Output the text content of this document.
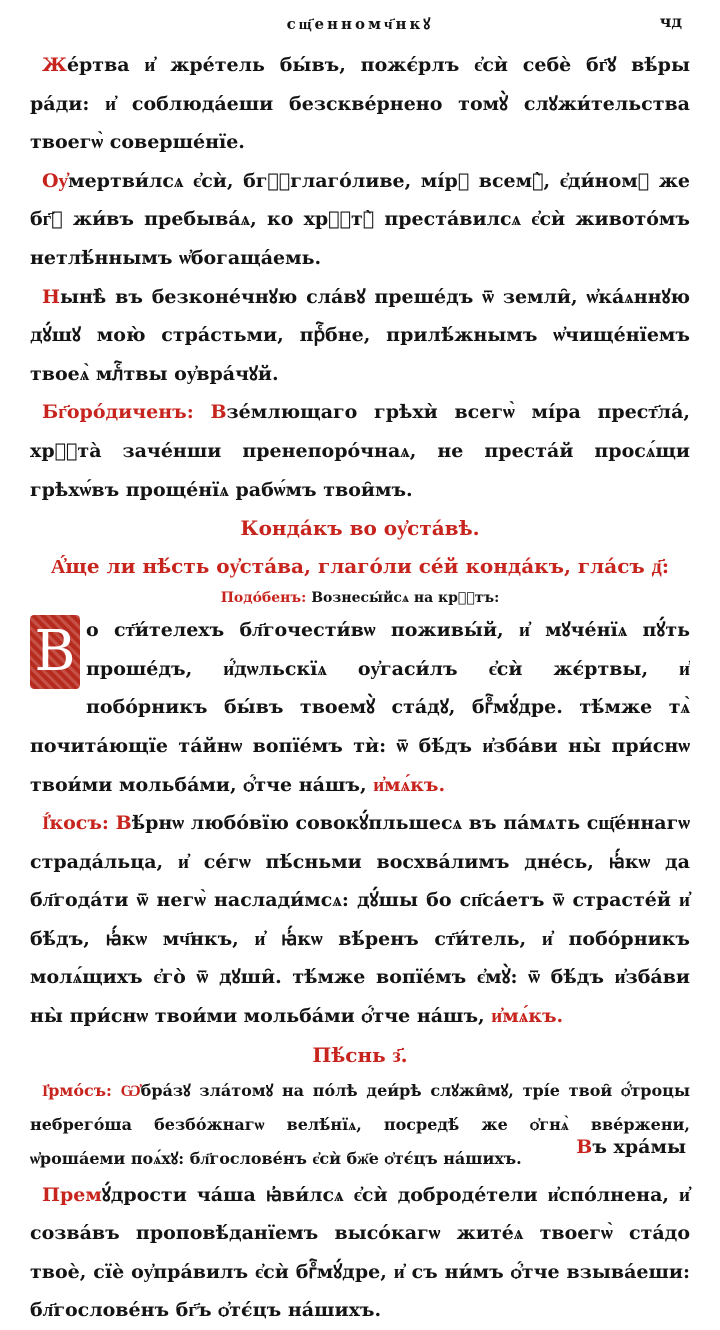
сщ҃енномч҃нкꙋ	чд

Же́ртва и҆ жре́тель бы́въ, пожє́рлъ є҆сѝ себѐ бг҃ꙋ вѣ́ры ра́ди: и҆ соблюда́еши безскве́рнено томꙋ̀ слꙋжи́тельства твоегѡ̀ соверше́нїе.

Оу҆мертви́лсѧ є҆сѝ, бгⷪ҇глаго́ливе, мі́рꙋ всемꙋ̀, є҆ди́номꙋ же бг҃ꙋ жи́въ пребыва́ѧ, ко хрⷭ҇тꙋ̀ преста́вилсѧ є҆сѝ живото́мъ нетлѣ́ннымъ ѡ҆богаща́емь.

Нынѣ̀ въ безконе́чнꙋю сла́вꙋ преше́дъ ѿ земли̑, ѡ҆ка́ѧннꙋю дꙋ́шꙋ мою̀ стра́стьми, прⷭ҇бне, прилѣ́жнымъ ѡ҆чище́нїемъ твоеѧ̀ млⷭ҇твы оу҆вра́чꙋй.

Бг҃оро́диченъ: Взе́млющаго грѣхѝ всегѡ̀ мі́ра прест҃ла́, хрⷭ҇та̀ заче́нши пренепоро́чнаѧ, не преста́й просѧ́щи грѣхѡ́въ проще́нїѧ рабѡ́мъ твои̑мъ.

Конда́къ во оу҆ста́вѣ.

А҆́ще ли нѣ́сть оу҆ста́ва, глаго́ли се́й конда́къ, гла́съ д҃:

Подо́бенъ: Вознесы́йсѧ на крⷭ҇тъ:

В о ст҃и́телехъ бл҃гочести́вѡ поживы́й, и҆ мꙋче́нїѧ пꙋ́ть проше́дъ, и҆́дѡльскїѧ оу҆гаси́лъ є҆сѝ жє́ртвы, и҆ побо́рникъ бы́въ твоемꙋ̀ ста́дꙋ, бгⷪ҇мꙋ́дре. тѣ́мже тѧ̀ почита́ющїе та́йнѡ вопїе́мъ тѝ: ѿ бѣ́дъ и҆зба́ви ны̀ при́снѡ твои́ми мольба́ми, ѻ҆́тче на́шъ, и҆мѧ́къ.

І҆́косъ: Вѣ́рнѡ любо́вїю совокꙋ́пльшесѧ въ па́мѧть сщ҃е́ннагѡ страда́льца, и҆ се́гѡ пѣ́сньми восхва́лимъ дне́сь, ꙗ҆́кѡ да бл҃года́ти ѿ негѡ̀ наслади́мсѧ: дꙋ́шы бо сп҃са́етъ ѿ страсте́й и҆ бѣ́дъ, ꙗ҆́кѡ мч҃нкъ, и҆ ꙗ҆́кѡ вѣ́ренъ ст҃и́тель, и҆ побо́рникъ молѧ́щихъ є҆го̀ ѿ дꙋши̑. тѣ́мже вопїе́мъ є҆мꙋ̀: ѿ бѣ́дъ и҆зба́ви ны̀ при́снѡ твои́ми мольба́ми ѻ҆́тче на́шъ, и҆мѧ́къ.

Пѣ́снь з҃.

І҆рмо́съ: Ѡ҆бра́зꙋ зла́томꙋ на по́лѣ деи́рѣ слꙋжи̑мꙋ, трі́е твои̑ ѻ҆́троцы небрего́ша безбо́жнагѡ велѣ́нїѧ, посредѣ́ же ѻ҆гнѧ̀ вве́ржени, ѡ҆роша́еми поѧ́хꙋ: бл҃гослове́нъ є҆сѝ бж҃е ѻ҆тє́цъ на́шихъ.

Премꙋ́дрости ча́ша ꙗ҆ви́лсѧ є҆сѝ доброде́тели и҆спо́лнена, и҆ созва́въ проповѣ́данїемъ высо́кагѡ жите́ѧ твоегѡ̀ ста́до твоѐ, сїѐ оу҆пра́вилъ є҆сѝ бгⷪ҇мꙋ́дре, и҆ съ ни́мъ ѻ҆́тче взыва́еши: бл҃гослове́нъ бг҃ъ ѻ҆тє́цъ на́шихъ.

Въ хра́мы
